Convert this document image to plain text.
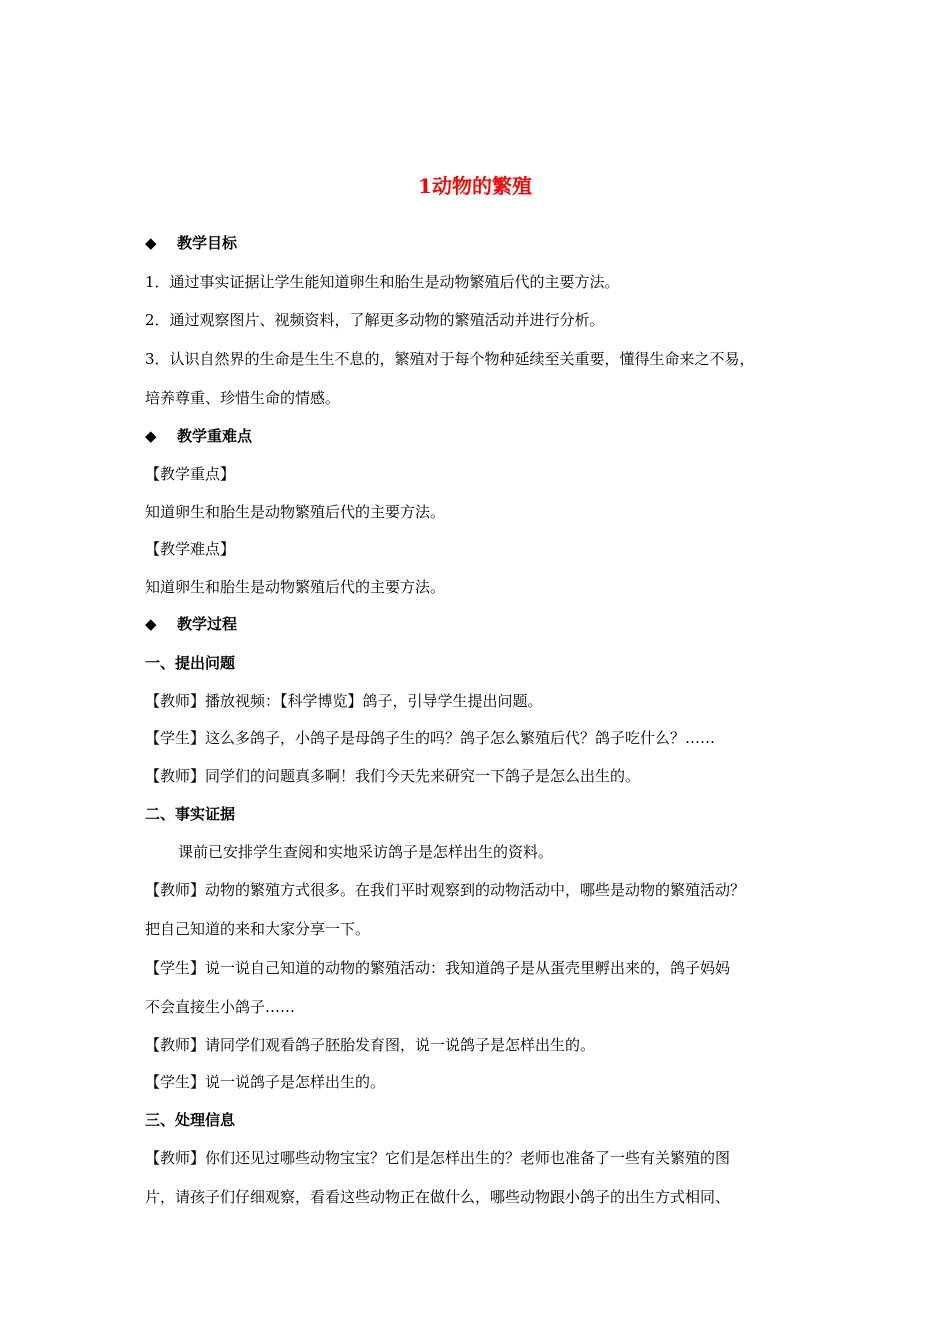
1动物的繁殖
◆ 教学目标
1．通过事实证据让学生能知道卵生和胎生是动物繁殖后代的主要方法。
2．通过观察图片、视频资料，了解更多动物的繁殖活动并进行分析。
3．认识自然界的生命是生生不息的，繁殖对于每个物种延续至关重要，懂得生命来之不易，
培养尊重、珍惜生命的情感。
◆ 教学重难点
【教学重点】
知道卵生和胎生是动物繁殖后代的主要方法。
【教学难点】
知道卵生和胎生是动物繁殖后代的主要方法。
◆ 教学过程
一、提出问题
【教师】播放视频：【科学博览】鸽子，引导学生提出问题。
【学生】这么多鸽子，小鸽子是母鸽子生的吗？鸽子怎么繁殖后代？鸽子吃什么？……
【教师】同学们的问题真多啊！我们今天先来研究一下鸽子是怎么出生的。
二、事实证据
课前已安排学生查阅和实地采访鸽子是怎样出生的资料。
【教师】动物的繁殖方式很多。在我们平时观察到的动物活动中，哪些是动物的繁殖活动？
把自己知道的来和大家分享一下。
【学生】说一说自己知道的动物的繁殖活动：我知道鸽子是从蛋壳里孵出来的，鸽子妈妈
不会直接生小鸽子……
【教师】请同学们观看鸽子胚胎发育图，说一说鸽子是怎样出生的。
【学生】说一说鸽子是怎样出生的。
三、处理信息
【教师】你们还见过哪些动物宝宝？它们是怎样出生的？老师也准备了一些有关繁殖的图
片，请孩子们仔细观察，看看这些动物正在做什么，哪些动物跟小鸽子的出生方式相同、
